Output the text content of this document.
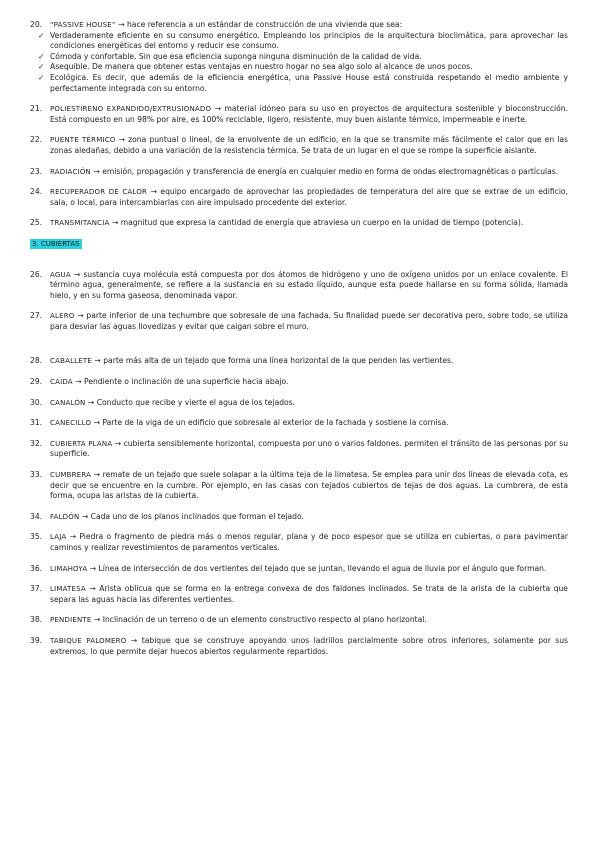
20. “PASSIVE HOUSE” → hace referencia a un estándar de construcción de una vivienda que sea:
✓ Verdaderamente eficiente en su consumo energético. Empleando los principios de la arquitectura bioclimática, para aprovechar las condiciones energéticas del entorno y reducir ese consumo.
✓ Cómoda y confortable. Sin que esa eficiencia suponga ninguna disminución de la calidad de vida.
✓ Asequible. De manera que obtener estas ventajas en nuestro hogar no sea algo solo al alcance de unos pocos.
✓ Ecológica. Es decir, que además de la eficiencia energética, una Passive House está construida respetando el medio ambiente y perfectamente integrada con su entorno.
21. POLIESTIRENO EXPANDIDO/EXTRUSIONADO → material idóneo para su uso en proyectos de arquitectura sostenible y bioconstrucción. Está compuesto en un 98% por aire, es 100% reciclable, ligero, resistente, muy buen aislante térmico, impermeable e inerte.
22. PUENTE TÉRMICO → zona puntual o lineal, de la envolvente de un edificio, en la que se transmite más fácilmente el calor que en las zonas aledañas, debido a una variación de la resistencia térmica. Se trata de un lugar en el que se rompe la superficie aislante.
23. RADIACIÓN → emisión, propagación y transferencia de energía en cualquier medio en forma de ondas electromagnéticas o partículas.
24. RECUPERADOR DE CALOR → equipo encargado de aprovechar las propiedades de temperatura del aire que se extrae de un edificio, sala, o local, para intercambiarlas con aire impulsado procedente del exterior.
25. TRANSMITANCIA → magnitud que expresa la cantidad de energía que atraviesa un cuerpo en la unidad de tiempo (potencia).
3. CUBIERTAS
26. AGUA → sustancia cuya molécula está compuesta por dos átomos de hidrógeno y uno de oxígeno unidos por un enlace covalente. El término agua, generalmente, se refiere a la sustancia en su estado líquido, aunque esta puede hallarse en su forma sólida, llamada hielo, y en su forma gaseosa, denominada vapor.
27. ALERO → parte inferior de una techumbre que sobresale de una fachada. Su finalidad puede ser decorativa pero, sobre todo, se utiliza para desviar las aguas llovedizas y evitar que caigan sobre el muro.
28. CABALLETE → parte más alta de un tejado que forma una línea horizontal de la que penden las vertientes.
29. CAÍDA → Pendiente o inclinación de una superficie hacia abajo.
30. CANALÓN → Conducto que recibe y vierte el agua de los tejados.
31. CANECILLO → Parte de la viga de un edificio que sobresale al exterior de la fachada y sostiene la cornisa.
32. CUBIERTA PLANA → cubierta sensiblemente horizontal, compuesta por uno o varios faldones. permiten el tránsito de las personas por su superficie.
33. CUMBRERA → remate de un tejado que suele solapar a la última teja de la limatesa. Se emplea para unir dos líneas de elevada cota, es decir que se encuentre en la cumbre. Por ejemplo, en las casas con tejados cubiertos de tejas de dos aguas. La cumbrera, de esta forma, ocupa las aristas de la cubierta.
34. FALDÓN → Cada uno de los planos inclinados que forman el tejado.
35. LAJA → Piedra o fragmento de piedra más o menos regular, plana y de poco espesor que se utiliza en cubiertas, o para pavimentar caminos y realizar revestimientos de paramentos verticales.
36. LIMAHOYA → Línea de intersección de dos vertientes del tejado que se juntan, llevando el agua de lluvia por el ángulo que forman.
37. LIMATESA → Arista oblicua que se forma en la entrega convexa de dos faldones inclinados. Se trata de la arista de la cubierta que separa las aguas hacia las diferentes vertientes.
38. PENDIENTE → Inclinación de un terreno o de un elemento constructivo respecto al plano horizontal.
39. TABIQUE PALOMERO → tabique que se construye apoyando unos ladrillos parcialmente sobre otros inferiores, solamente por sus extremos, lo que permite dejar huecos abiertos regularmente repartidos.
